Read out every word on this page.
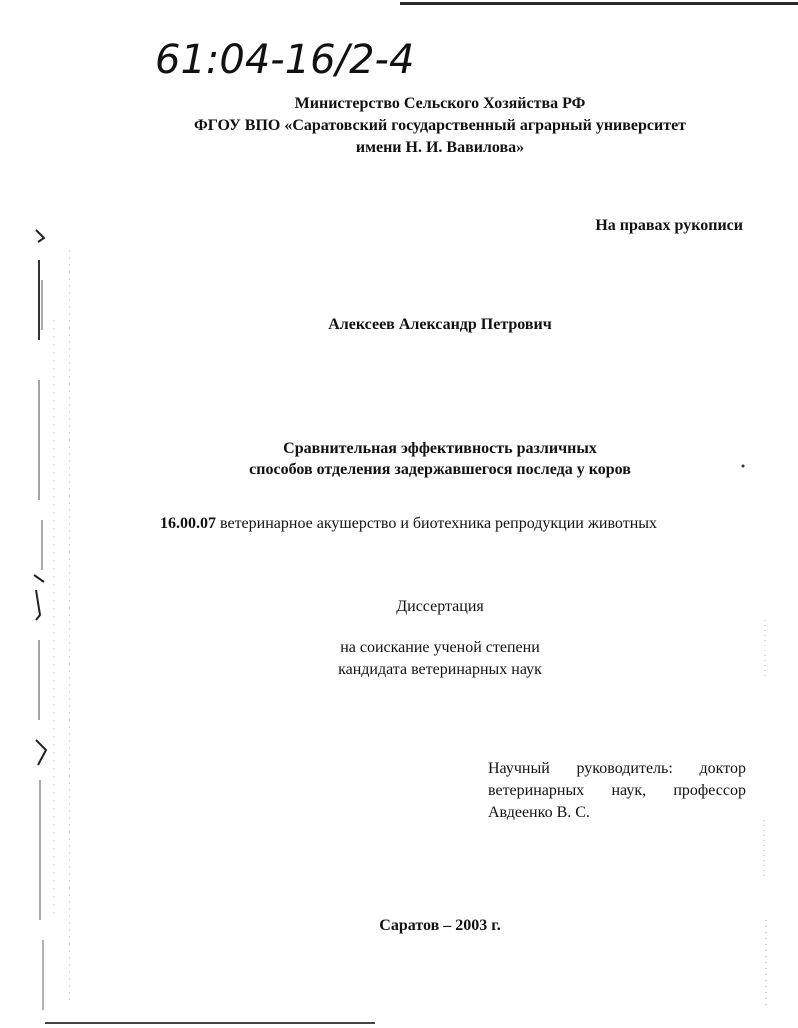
61:04-16/2-4
Министерство Сельского Хозяйства РФ
ФГОУ ВПО «Саратовский государственный аграрный университет
имени Н. И. Вавилова»
На правах рукописи
Алексеев Александр Петрович
Сравнительная эффективность различных
способов отделения задержавшегося последа у коров
16.00.07 ветеринарное акушерство и биотехника репродукции животных
Диссертация
на соискание ученой степени
кандидата ветеринарных наук
Научный руководитель: доктор
ветеринарных наук, профессор
Авдеенко В. С.
Саратов – 2003 г.
